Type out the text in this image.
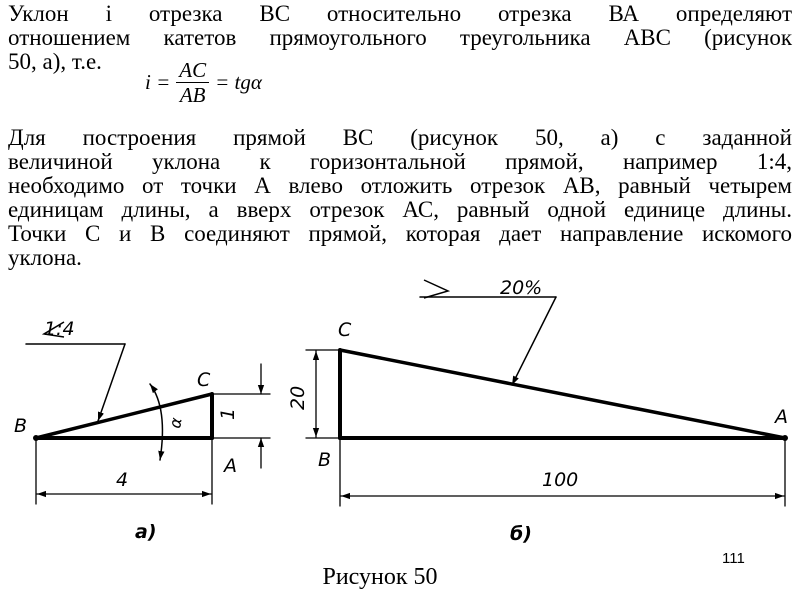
Уклон i отрезка ВС относительно отрезка ВА определяют
отношением катетов прямоугольного треугольника АВС (рисунок
50, а), т.е.

$i = \frac{AC}{AB} = tg\alpha$

Для построения прямой ВС (рисунок 50, а) с заданной
величиной уклона к горизонтальной прямой, например 1:4,
необходимо от точки А влево отложить отрезок АВ, равный четырем
единицам длины, а вверх отрезок АС, равный одной единице длины.
Точки С и В соединяют прямой, которая дает направление искомого
уклона.

1:4
B
C
A
α
1
4
а)
20%
C
B
A
20
100
б)
111
Рисунок 50
